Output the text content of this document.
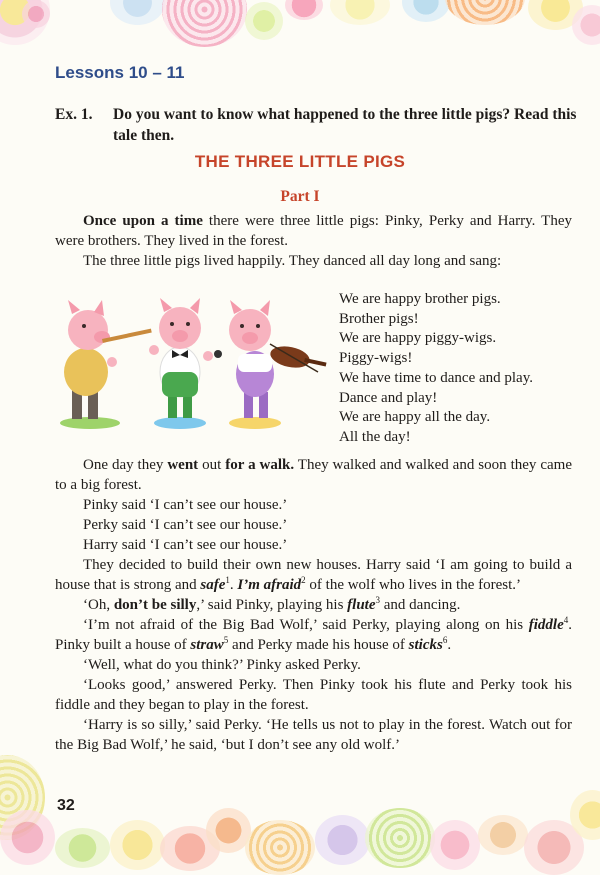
Lessons 10 – 11
Ex. 1. Do you want to know what happened to the three little pigs? Read this tale then.
THE THREE LITTLE PIGS
Part I

Once upon a time there were three little pigs: Pinky, Perky and Harry. They were brothers. They lived in the forest.

The three little pigs lived happily. They danced all day long and sang:

We are happy brother pigs.
Brother pigs!
We are happy piggy-wigs.
Piggy-wigs!
We have time to dance and play.
Dance and play!
We are happy all the day.
All the day!

One day they went out for a walk. They walked and walked and soon they came to a big forest.

Pinky said ‘I can’t see our house.’

Perky said ‘I can’t see our house.’

Harry said ‘I can’t see our house.’

They decided to build their own new houses. Harry said ‘I am going to build a house that is strong and safe$^1$. I’m afraid$^2$ of the wolf who lives in the forest.’

‘Oh, don’t be silly,’ said Pinky, playing his flute$^3$ and dancing.

‘I’m not afraid of the Big Bad Wolf,’ said Perky, playing along on his fiddle$^4$. Pinky built a house of straw$^5$ and Perky made his house of sticks$^6$.

‘Well, what do you think?’ Pinky asked Perky.

‘Looks good,’ answered Perky. Then Pinky took his flute and Perky took his fiddle and they began to play in the forest.

‘Harry is so silly,’ said Perky. ‘He tells us not to play in the forest. Watch out for the Big Bad Wolf,’ he said, ‘but I don’t see any old wolf.’

32
